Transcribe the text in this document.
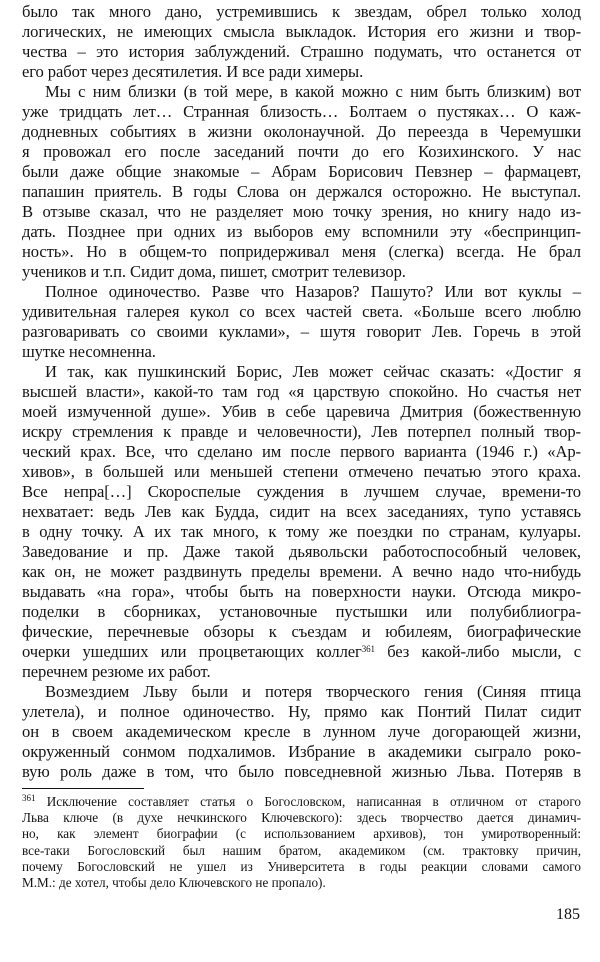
было так много дано, устремившись к звездам, обрел только холод
логических, не имеющих смысла выкладок. История его жизни и твор-
чества – это история заблуждений. Страшно подумать, что останется от
его работ через десятилетия. И все ради химеры.
Мы с ним близки (в той мере, в какой можно с ним быть близким) вот
уже тридцать лет… Странная близость… Болтаем о пустяках… О каж-
додневных событиях в жизни околонаучной. До переезда в Черемушки
я провожал его после заседаний почти до его Козихинского. У нас
были даже общие знакомые – Абрам Борисович Певзнер – фармацевт,
папашин приятель. В годы Слова он держался осторожно. Не выступал.
В отзыве сказал, что не разделяет мою точку зрения, но книгу надо из-
дать. Позднее при одних из выборов ему вспомнили эту «беспринцип-
ность». Но в общем-то попридерживал меня (слегка) всегда. Не брал
учеников и т.п. Сидит дома, пишет, смотрит телевизор.
Полное одиночество. Разве что Назаров? Пашуто? Или вот куклы –
удивительная галерея кукол со всех частей света. «Больше всего люблю
разговаривать со своими куклами», – шутя говорит Лев. Горечь в этой
шутке несомненна.
И так, как пушкинский Борис, Лев может сейчас сказать: «Достиг я
высшей власти», какой-то там год «я царствую спокойно. Но счастья нет
моей измученной душе». Убив в себе царевича Дмитрия (божественную
искру стремления к правде и человечности), Лев потерпел полный твор-
ческий крах. Все, что сделано им после первого варианта (1946 г.) «Ар-
хивов», в большей или меньшей степени отмечено печатью этого краха.
Все непра[…] Скороспелые суждения в лучшем случае, времени-то
нехватает: ведь Лев как Будда, сидит на всех заседаниях, тупо уставясь
в одну точку. А их так много, к тому же поездки по странам, кулуары.
Заведование и пр. Даже такой дьявольски работоспособный человек,
как он, не может раздвинуть пределы времени. А вечно надо что-нибудь
выдавать «на гора», чтобы быть на поверхности науки. Отсюда микро-
поделки в сборниках, установочные пустышки или полубиблиогра-
фические, перечневые обзоры к съездам и юбилеям, биографические
очерки ушедших или процветающих коллег$^{361}$ без какой-либо мысли, с
перечнем резюме их работ.
Возмездием Льву были и потеря творческого гения (Синяя птица
улетела), и полное одиночество. Ну, прямо как Понтий Пилат сидит
он в своем академическом кресле в лунном луче догорающей жизни,
окруженный сонмом подхалимов. Избрание в академики сыграло роко-
вую роль даже в том, что было повседневной жизнью Льва. Потеряв в
$^{361}$ Исключение составляет статья о Богословском, написанная в отличном от старого
Льва ключе (в духе нечкинского Ключевского): здесь творчество дается динамич-
но, как элемент биографии (с использованием архивов), тон умиротворенный:
все-таки Богословский был нашим братом, академиком (см. трактовку причин,
почему Богословский не ушел из Университета в годы реакции словами самого
М.М.: де хотел, чтобы дело Ключевского не пропало).
185
